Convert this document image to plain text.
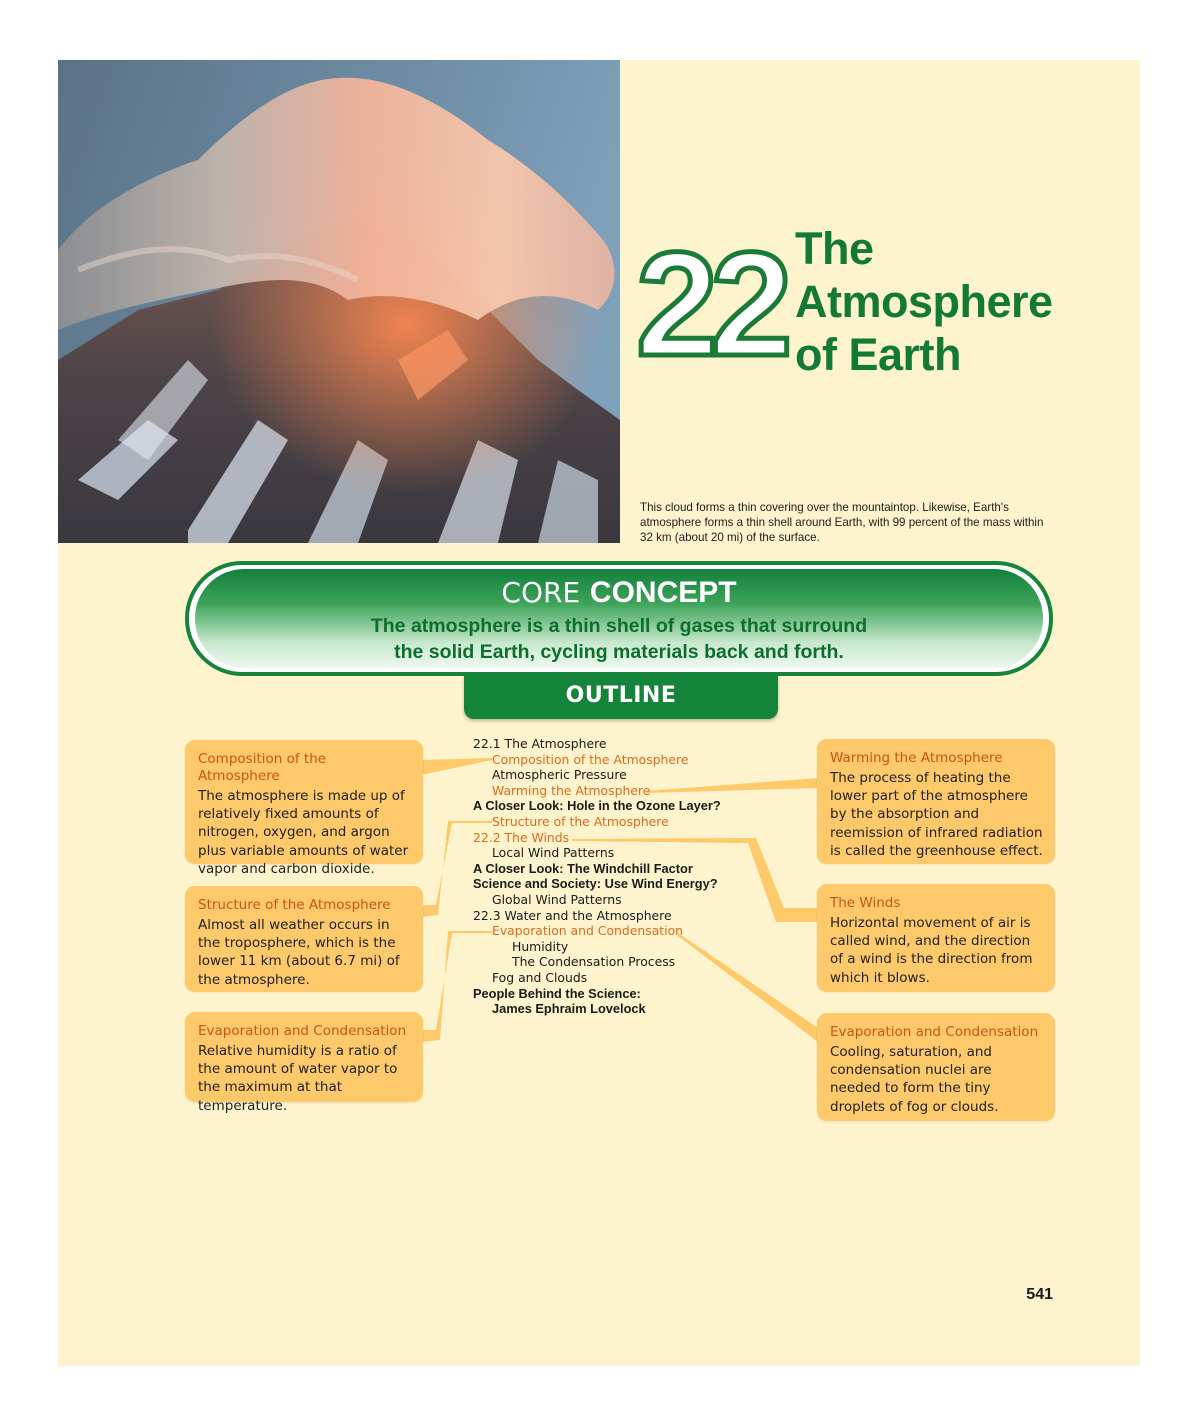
22 The
Atmosphere
of Earth

This cloud forms a thin covering over the mountaintop. Likewise, Earth's atmosphere forms a thin shell around Earth, with 99 percent of the mass within 32 km (about 20 mi) of the surface.

CORE CONCEPT

The atmosphere is a thin shell of gases that surround
the solid Earth, cycling materials back and forth.

OUTLINE
Composition of the Atmosphere

The atmosphere is made up of relatively fixed amounts of nitrogen, oxygen, and argon plus variable amounts of water vapor and carbon dioxide.

Structure of the Atmosphere

Almost all weather occurs in the troposphere, which is the lower 11 km (about 6.7 mi) of the atmosphere.

Evaporation and Condensation

Relative humidity is a ratio of the amount of water vapor to the maximum at that temperature.

Warming the Atmosphere

The process of heating the lower part of the atmosphere by the absorption and reemission of infrared radiation is called the greenhouse effect.

The Winds

Horizontal movement of air is called wind, and the direction of a wind is the direction from which it blows.

Evaporation and Condensation

Cooling, saturation, and condensation nuclei are needed to form the tiny droplets of fog or clouds.

22.1 The Atmosphere
Composition of the Atmosphere
Atmospheric Pressure
Warming the Atmosphere
A Closer Look: Hole in the Ozone Layer?
Structure of the Atmosphere
22.2 The Winds
Local Wind Patterns
A Closer Look: The Windchill Factor
Science and Society: Use Wind Energy?
Global Wind Patterns
22.3 Water and the Atmosphere
Evaporation and Condensation
Humidity
The Condensation Process
Fog and Clouds
People Behind the Science:
James Ephraim Lovelock

541
